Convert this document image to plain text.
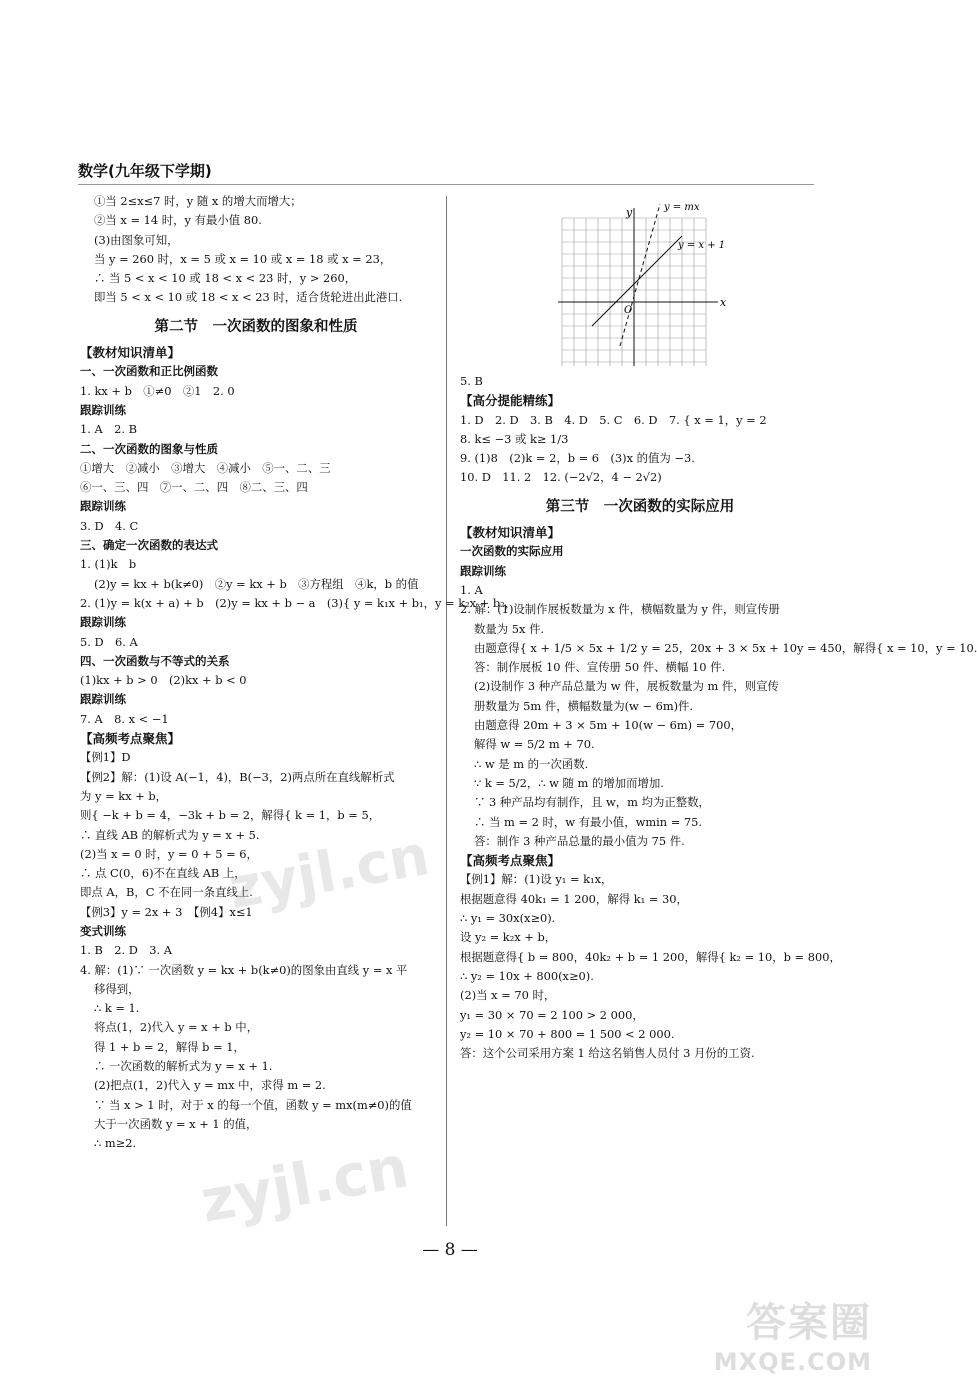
数学(九年级下学期)
①当 2≤x≤7 时，y 随 x 的增大而增大；
②当 x = 14 时，y 有最小值 80.
(3)由图象可知，
当 y = 260 时，x = 5 或 x = 10 或 x = 18 或 x = 23，
∴ 当 5 < x < 10 或 18 < x < 23 时，y > 260，
即当 5 < x < 10 或 18 < x < 23 时，适合货轮进出此港口.
第二节　一次函数的图象和性质
【教材知识清单】
一、一次函数和正比例函数
1. kx + b　①≠0　②1　2. 0
跟踪训练
1. A　2. B
二、一次函数的图象与性质
①增大　②减小　③增大　④减小　⑤一、二、三
⑥一、三、四　⑦一、二、四　⑧二、三、四
跟踪训练
3. D　4. C
三、确定一次函数的表达式
1. (1)k　b
(2)y = kx + b(k≠0)　②y = kx + b　③方程组　④k，b 的值
2. (1)y = k(x + a) + b　(2)y = kx + b − a　(3){ y = k₁x + b₁，y = k₂x + b₂，
跟踪训练
5. D　6. A
四、一次函数与不等式的关系
(1)kx + b > 0　(2)kx + b < 0
跟踪训练
7. A　8. x < −1
【高频考点聚焦】
【例1】D
【例2】解：(1)设 A(−1，4)，B(−3，2)两点所在直线解析式
为 y = kx + b，
则{ −k + b = 4，−3k + b = 2，解得{ k = 1，b = 5，
∴ 直线 AB 的解析式为 y = x + 5.
(2)当 x = 0 时，y = 0 + 5 = 6，
∴ 点 C(0，6)不在直线 AB 上，
即点 A，B，C 不在同一条直线上.
【例3】y = 2x + 3　【例4】x≤1
变式训练
1. B　2. D　3. A
4. 解：(1)∵ 一次函数 y = kx + b(k≠0)的图象由直线 y = x 平
移得到，
∴ k = 1.
将点(1，2)代入 y = x + b 中，
得 1 + b = 2，解得 b = 1，
∴ 一次函数的解析式为 y = x + 1.
(2)把点(1，2)代入 y = mx 中，求得 m = 2.
∵ 当 x > 1 时，对于 x 的每一个值，函数 y = mx(m≠0)的值
大于一次函数 y = x + 1 的值，
∴ m≥2.
x
y
O
y = mx
y = x + 1
5. B
【高分提能精练】
1. D　2. D　3. B　4. D　5. C　6. D　7. { x = 1，y = 2
8. k≤ −3 或 k≥ 1/3
9. (1)8　(2)k = 2，b = 6　(3)x 的值为 −3.
10. D　11. 2　12. (−2√2，4 − 2√2)
第三节　一次函数的实际应用
【教材知识清单】
一次函数的实际应用
跟踪训练
1. A
2. 解：(1)设制作展板数量为 x 件，横幅数量为 y 件，则宣传册
数量为 5x 件.
由题意得{ x + 1/5 × 5x + 1/2 y = 25，20x + 3 × 5x + 10y = 450，解得{ x = 10，y = 10.
答：制作展板 10 件、宣传册 50 件、横幅 10 件.
(2)设制作 3 种产品总量为 w 件，展板数量为 m 件，则宣传
册数量为 5m 件，横幅数量为(w − 6m)件.
由题意得 20m + 3 × 5m + 10(w − 6m) = 700，
解得 w = 5/2 m + 70.
∴ w 是 m 的一次函数.
∵ k = 5/2，∴ w 随 m 的增加而增加.
∵ 3 种产品均有制作，且 w，m 均为正整数，
∴ 当 m = 2 时，w 有最小值，wmin = 75.
答：制作 3 种产品总量的最小值为 75 件.
【高频考点聚焦】
【例1】解：(1)设 y₁ = k₁x，
根据题意得 40k₁ = 1 200，解得 k₁ = 30，
∴ y₁ = 30x(x≥0).
设 y₂ = k₂x + b，
根据题意得{ b = 800，40k₂ + b = 1 200，解得{ k₂ = 10，b = 800，
∴ y₂ = 10x + 800(x≥0).
(2)当 x = 70 时，
y₁ = 30 × 70 = 2 100 > 2 000，
y₂ = 10 × 70 + 800 = 1 500 < 2 000.
答：这个公司采用方案 1 给这名销售人员付 3 月份的工资.
zyjl.cn
zyjl.cn
— 8 —
答案圈
MXQE.COM
